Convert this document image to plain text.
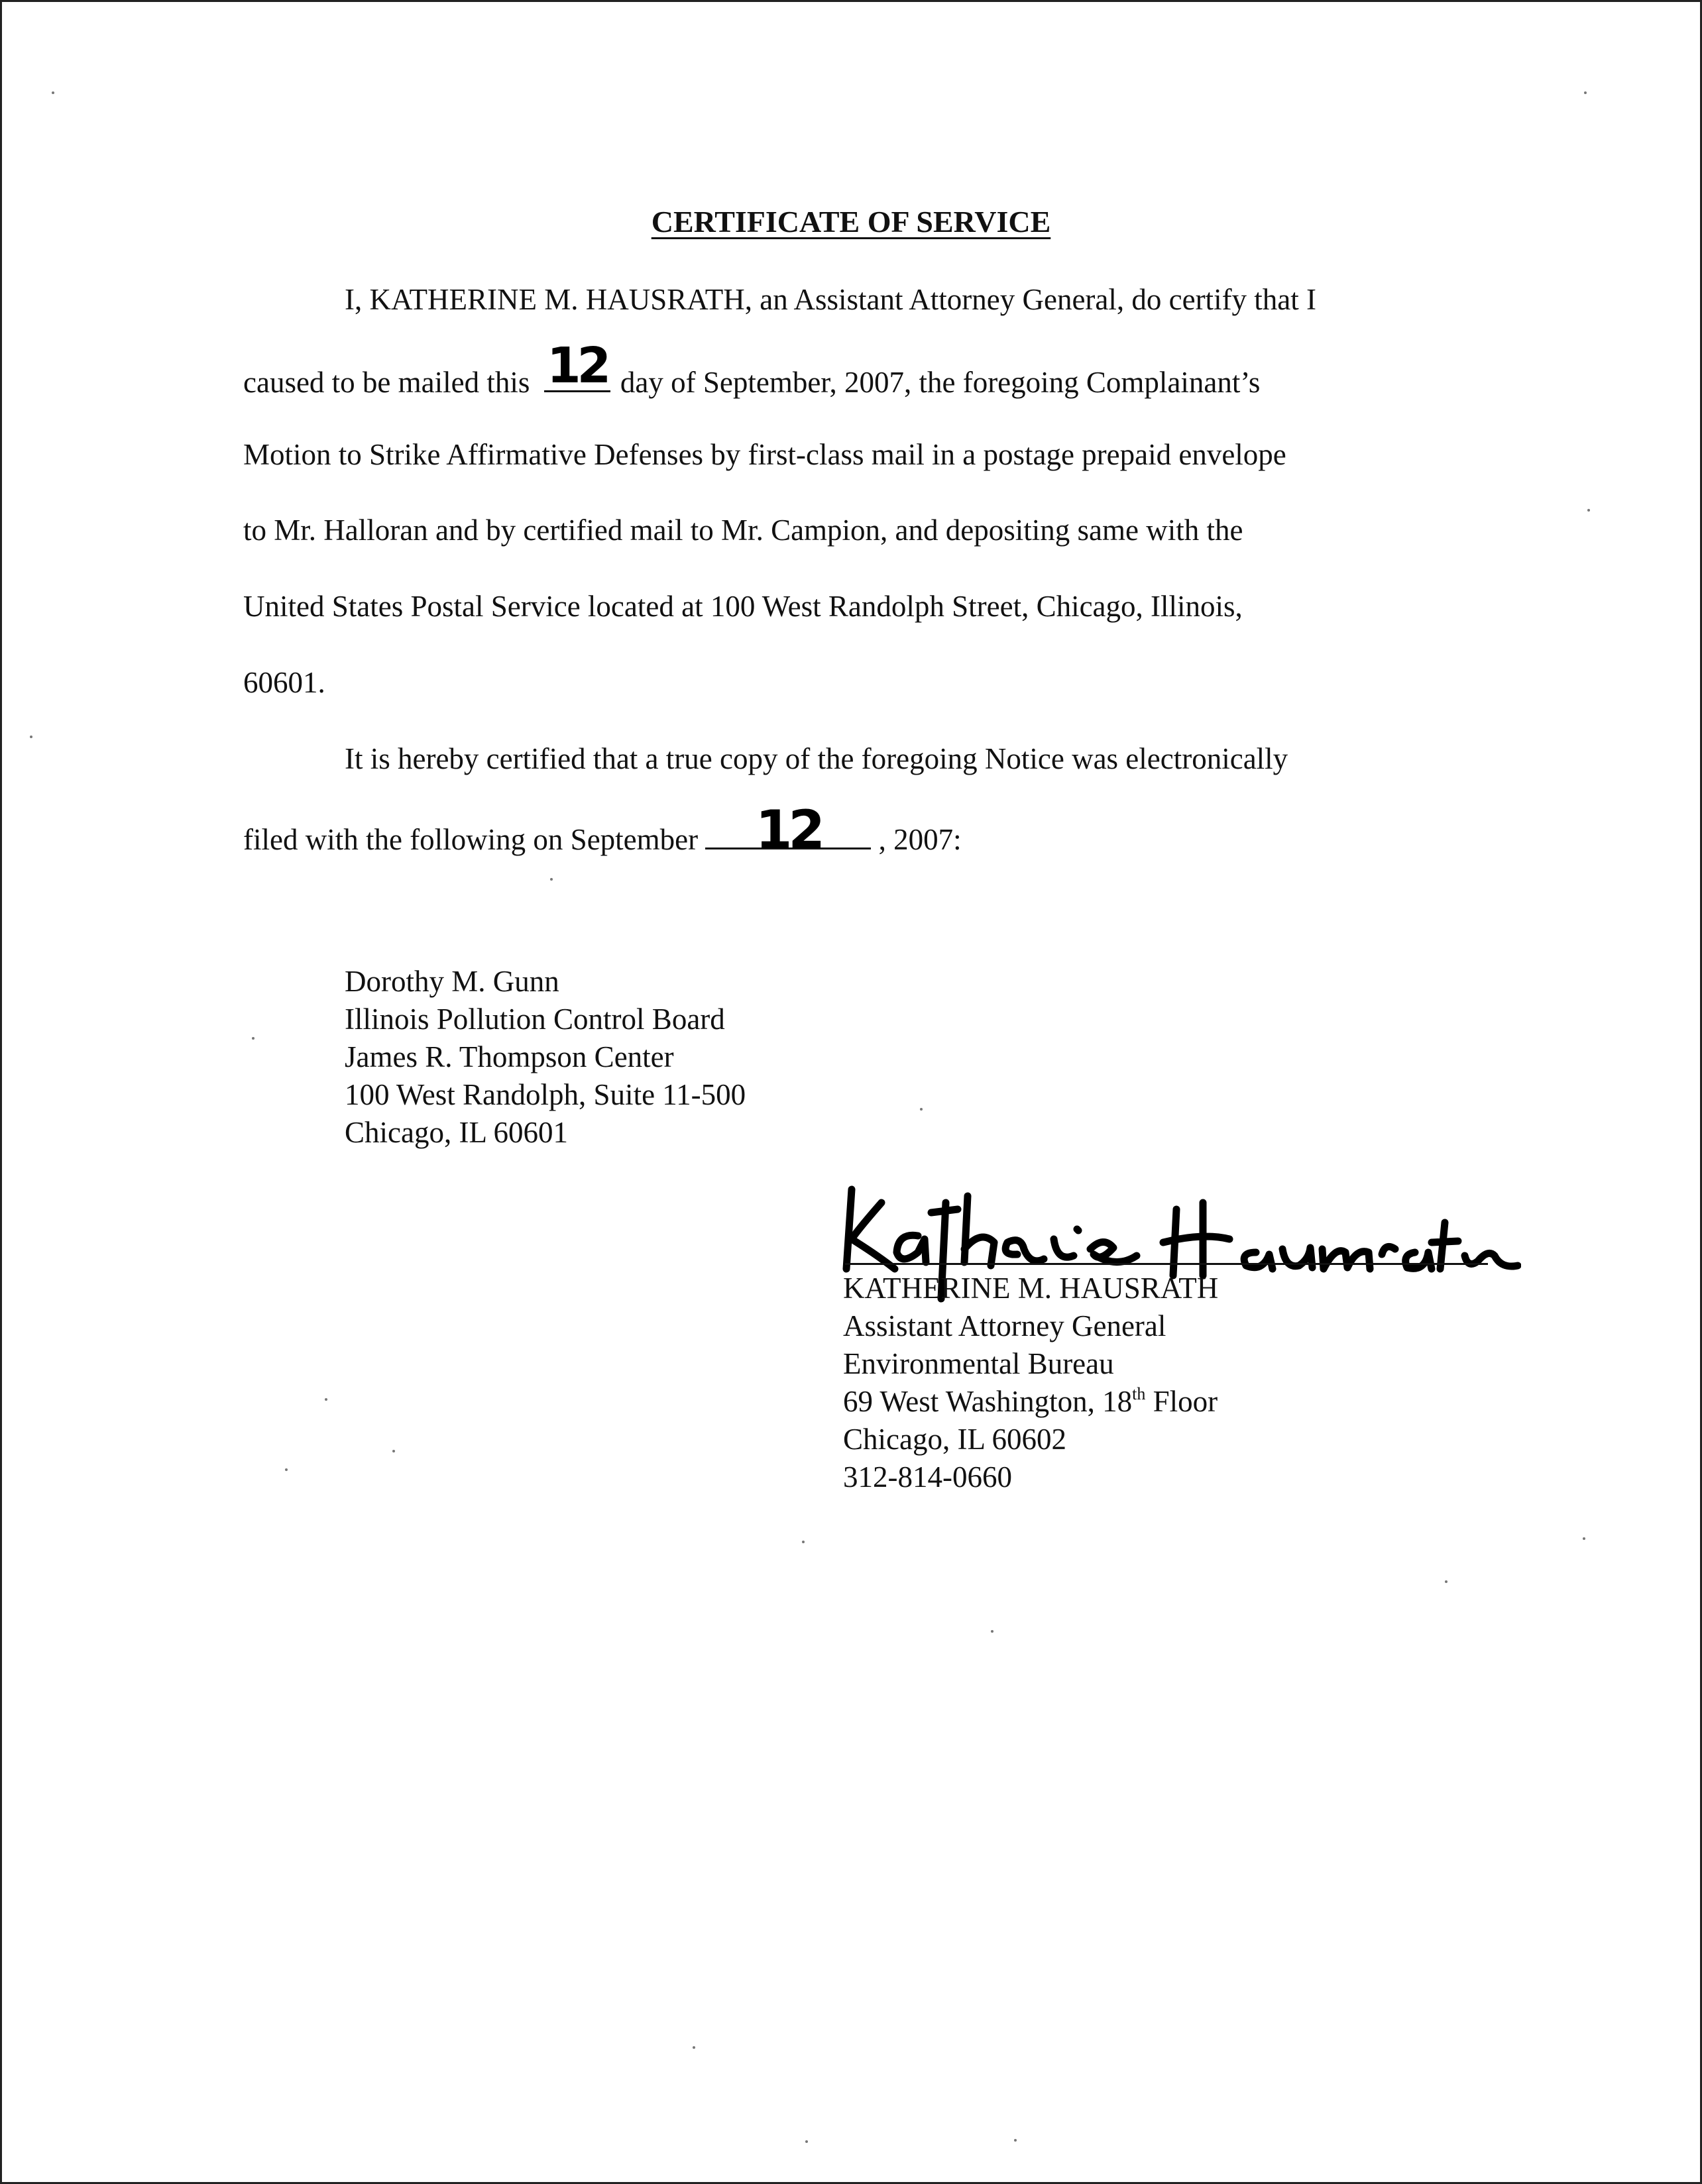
CERTIFICATE OF SERVICE
I, KATHERINE M. HAUSRATH, an Assistant Attorney General, do certify that I
caused to be mailed this 12 day of September, 2007, the foregoing Complainant’s
Motion to Strike Affirmative Defenses by first-class mail in a postage prepaid envelope
to Mr. Halloran and by certified mail to Mr. Campion, and depositing same with the
United States Postal Service located at 100 West Randolph Street, Chicago, Illinois,
60601.
It is hereby certified that a true copy of the foregoing Notice was electronically
filed with the following on September	12	, 2007:
Dorothy M. Gunn
Illinois Pollution Control Board
James R. Thompson Center
100 West Randolph, Suite 11-500
Chicago, IL 60601
KATHERINE M. HAUSRATH
Assistant Attorney General
Environmental Bureau
69 West Washington, 18th Floor
Chicago, IL 60602
312-814-0660
